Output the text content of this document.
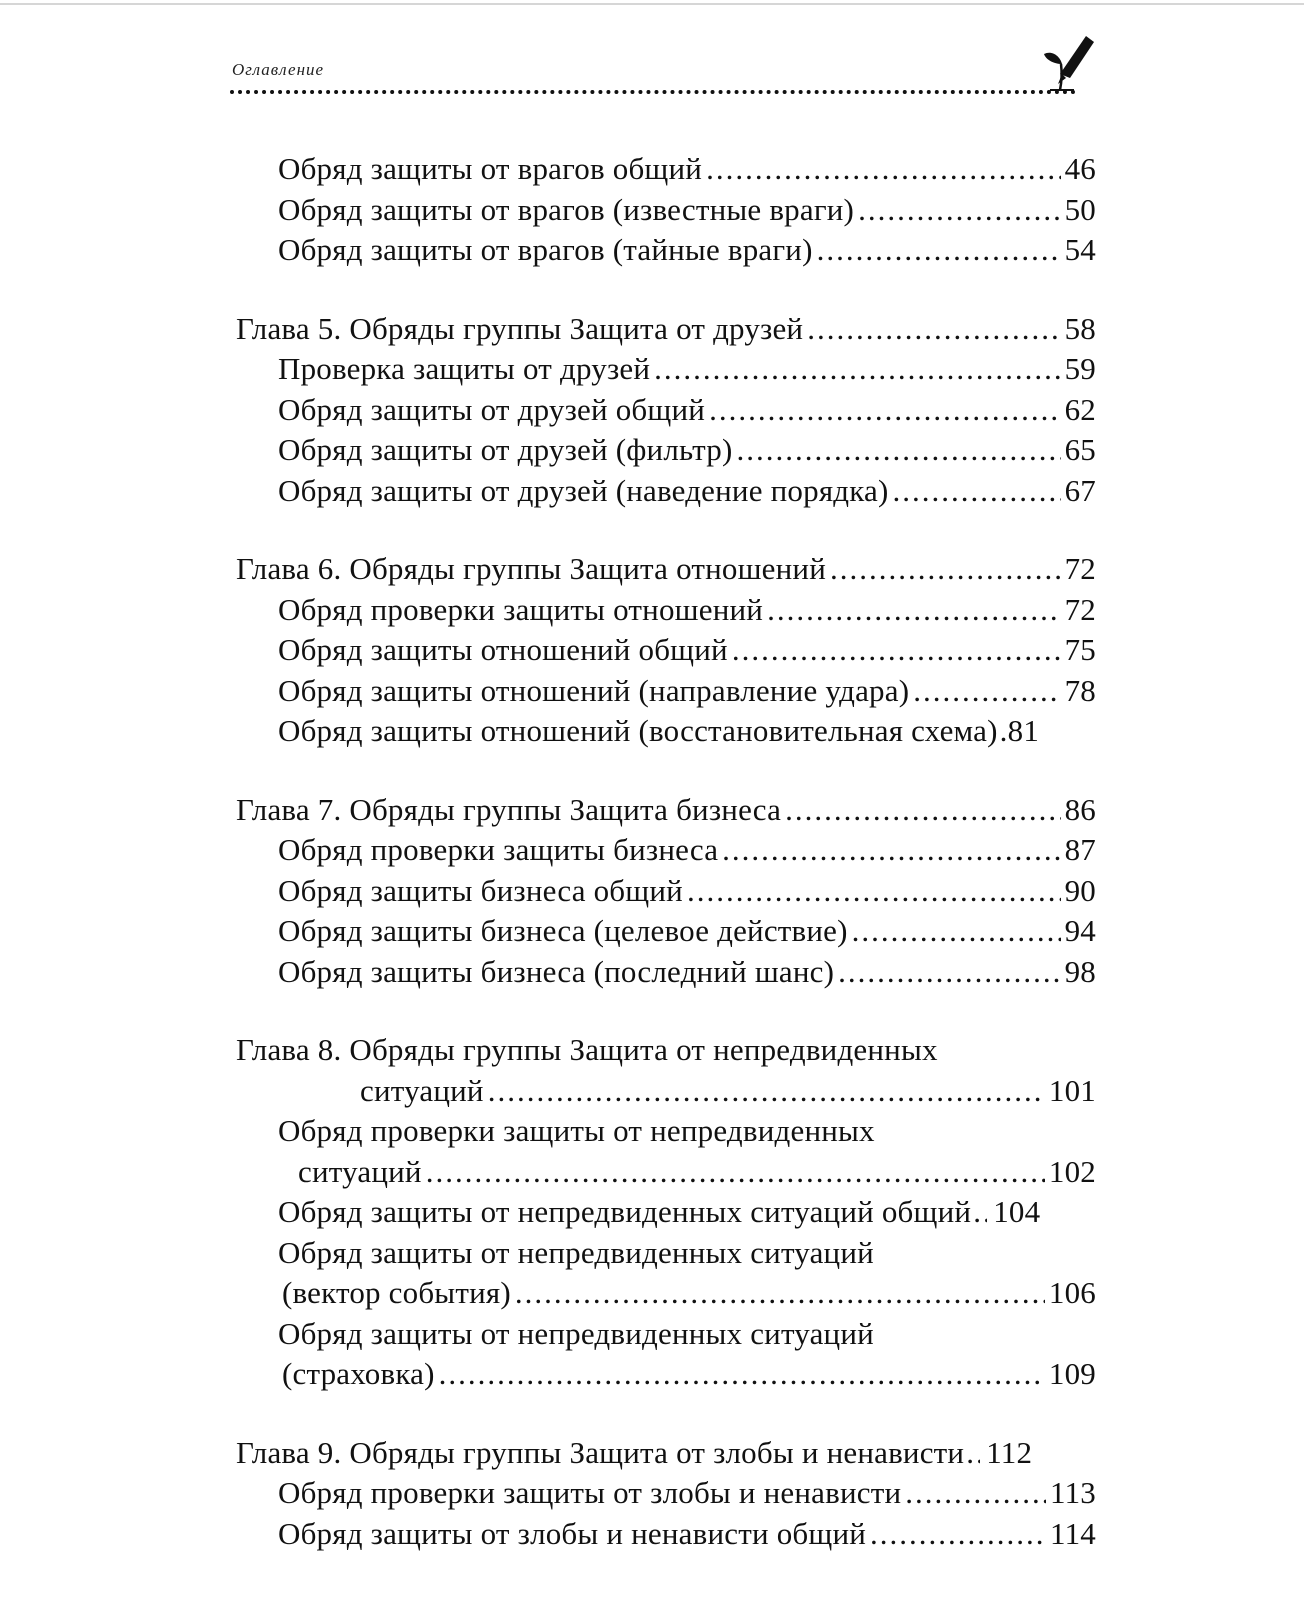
Оглавление
Обряд защиты от врагов общий .....	46
Обряд защиты от врагов (известные враги) .....	50
Обряд защиты от врагов (тайные враги) .....	54
Глава 5. Обряды группы Защита от друзей .....	58
Проверка защиты от друзей .....	59
Обряд защиты от друзей общий .....	62
Обряд защиты от друзей (фильтр) .....	65
Обряд защиты от друзей (наведение порядка) .....	67
Глава 6. Обряды группы Защита отношений .....	72
Обряд проверки защиты отношений .....	72
Обряд защиты отношений общий .....	75
Обряд защиты отношений (направление удара) .....	78
Обряд защиты отношений (восстановительная схема) ..... 81
Глава 7. Обряды группы Защита бизнеса .....	86
Обряд проверки защиты бизнеса .....	87
Обряд защиты бизнеса общий .....	90
Обряд защиты бизнеса (целевое действие) .....	94
Обряд защиты бизнеса (последний шанс) .....	98
Глава 8. Обряды группы Защита от непредвиденных
ситуаций .....	101
Обряд проверки защиты от непредвиденных
ситуаций .....	102
Обряд защиты от непредвиденных ситуаций общий ..... 104
Обряд защиты от непредвиденных ситуаций
(вектор события) .....	106
Обряд защиты от непредвиденных ситуаций
(страховка) .....	109
Глава 9. Обряды группы Защита от злобы и ненависти ..... 112
Обряд проверки защиты от злобы и ненависти .....	113
Обряд защиты от злобы и ненависти общий .....	114
